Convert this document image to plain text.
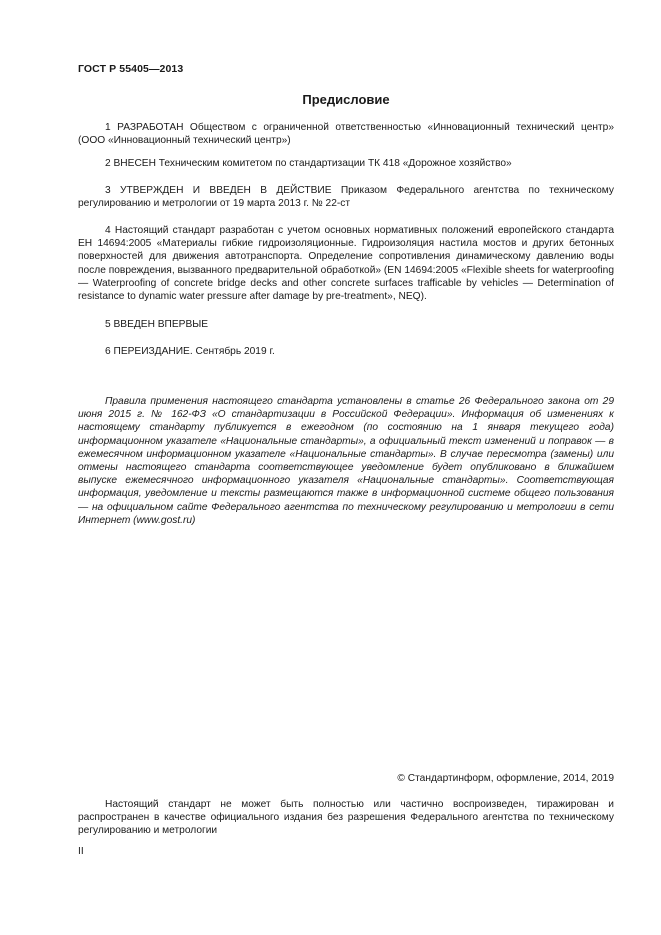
ГОСТ Р 55405—2013
Предисловие

1 РАЗРАБОТАН Обществом с ограниченной ответственностью «Инновационный технический центр» (ООО «Инновационный технический центр»)

2 ВНЕСЕН Техническим комитетом по стандартизации ТК 418 «Дорожное хозяйство»

3 УТВЕРЖДЕН И ВВЕДЕН В ДЕЙСТВИЕ Приказом Федерального агентства по техническому регулированию и метрологии от 19 марта 2013 г. № 22-ст

4 Настоящий стандарт разработан с учетом основных нормативных положений европейского стандарта ЕН 14694:2005 «Материалы гибкие гидроизоляционные. Гидроизоляция настила мостов и других бетонных поверхностей для движения автотранспорта. Определение сопротивления динамическому давлению воды после повреждения, вызванного предварительной обработкой» (EN 14694:2005 «Flexible sheets for waterproofing — Waterproofing of concrete bridge decks and other concrete surfaces trafficable by vehicles — Determination of resistance to dynamic water pressure after damage by pre-treatment», NEQ).

5 ВВЕДЕН ВПЕРВЫЕ

6 ПЕРЕИЗДАНИЕ. Сентябрь 2019 г.

Правила применения настоящего стандарта установлены в статье 26 Федерального закона от 29 июня 2015 г. № 162-ФЗ «О стандартизации в Российской Федерации». Информация об изменениях к настоящему стандарту публикуется в ежегодном (по состоянию на 1 января текущего года) информационном указателе «Национальные стандарты», а официальный текст изменений и поправок — в ежемесячном информационном указателе «Национальные стандарты». В случае пересмотра (замены) или отмены настоящего стандарта соответствующее уведомление будет опубликовано в ближайшем выпуске ежемесячного информационного указателя «Национальные стандарты». Соответствующая информация, уведомление и тексты размещаются также в информационной системе общего пользования — на официальном сайте Федерального агентства по техническому регулированию и метрологии в сети Интернет (www.gost.ru)

© Стандартинформ, оформление, 2014, 2019

Настоящий стандарт не может быть полностью или частично воспроизведен, тиражирован и распространен в качестве официального издания без разрешения Федерального агентства по техническому регулированию и метрологии

II
